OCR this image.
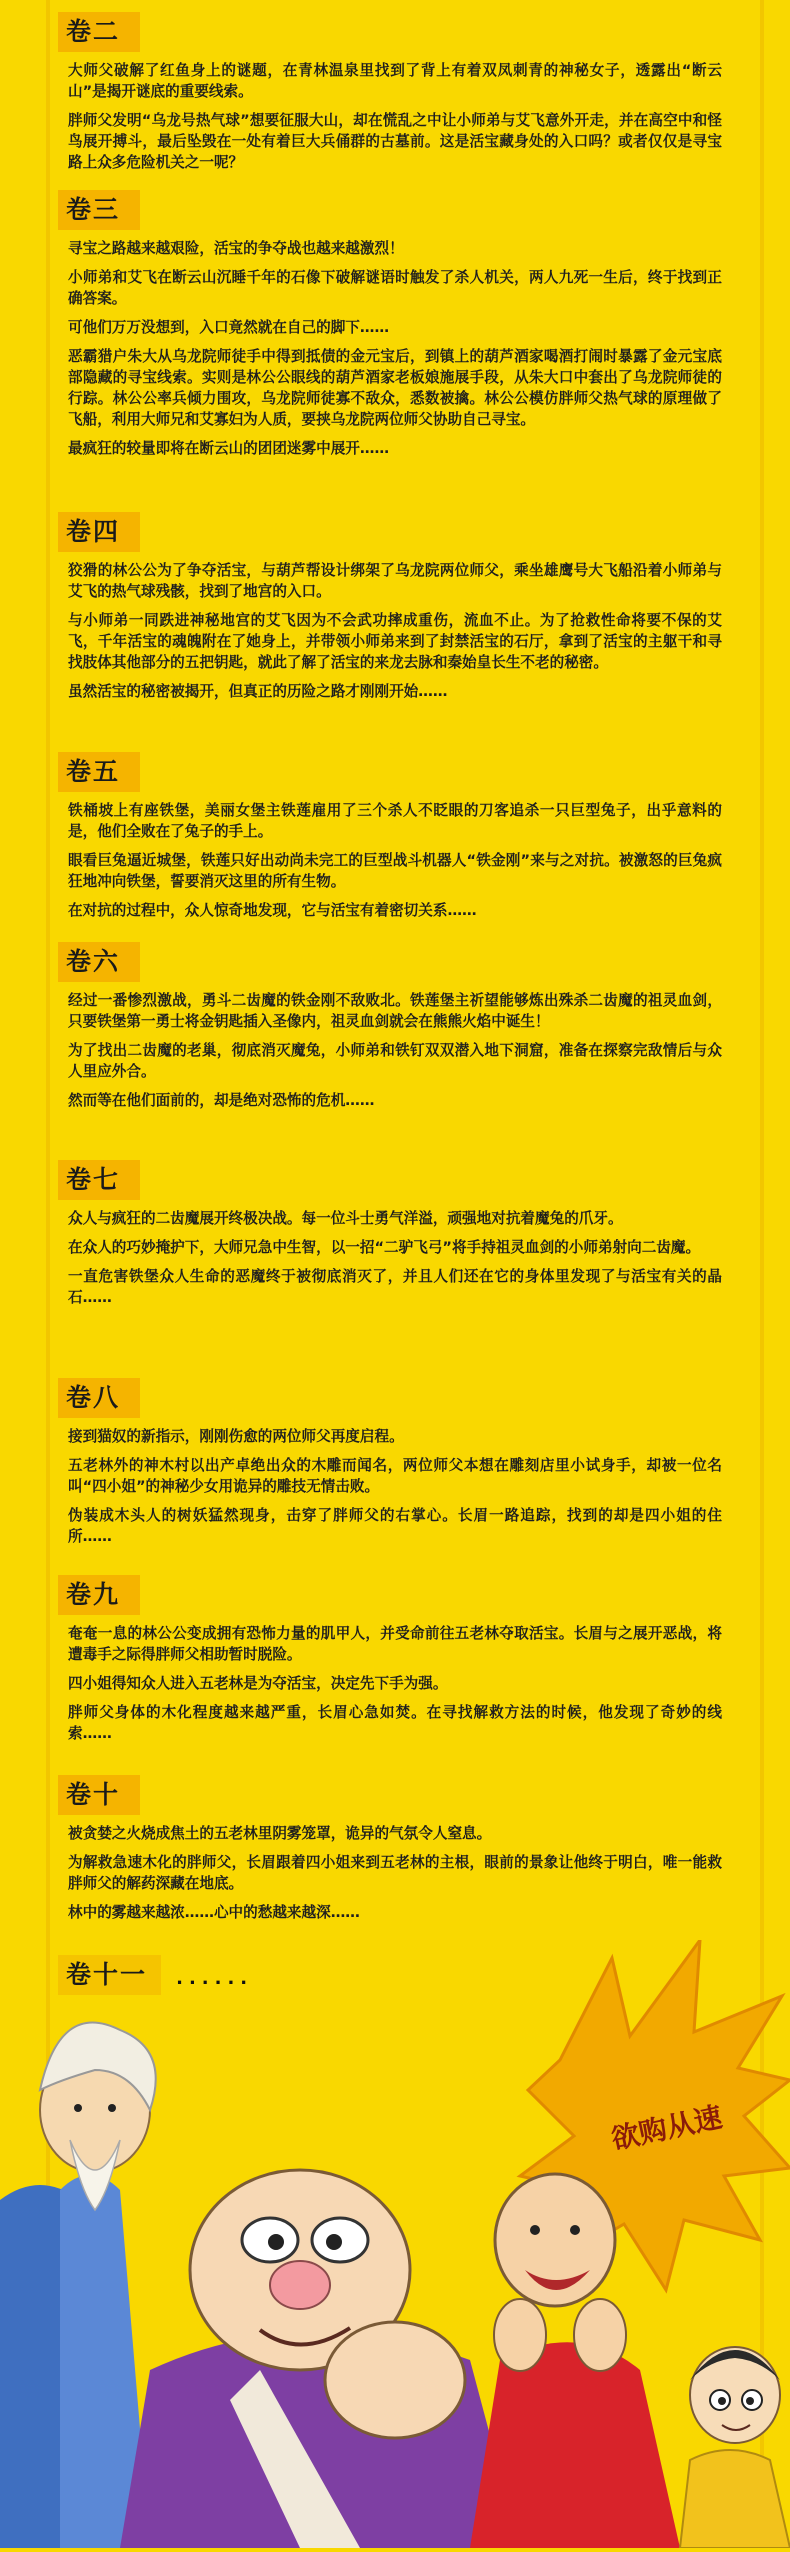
卷二
大师父破解了红鱼身上的谜题，在青林温泉里找到了背上有着双凤刺青的神秘女子，透露出“断云山”是揭开谜底的重要线索。
胖师父发明“乌龙号热气球”想要征服大山，却在慌乱之中让小师弟与艾飞意外开走，并在高空中和怪鸟展开搏斗，最后坠毁在一处有着巨大兵俑群的古墓前。这是活宝藏身处的入口吗？或者仅仅是寻宝路上众多危险机关之一呢？
卷三
寻宝之路越来越艰险，活宝的争夺战也越来越激烈！
小师弟和艾飞在断云山沉睡千年的石像下破解谜语时触发了杀人机关，两人九死一生后，终于找到正确答案。
可他们万万没想到，入口竟然就在自己的脚下……
恶霸猎户朱大从乌龙院师徒手中得到抵债的金元宝后，到镇上的葫芦酒家喝酒打闹时暴露了金元宝底部隐藏的寻宝线索。实则是林公公眼线的葫芦酒家老板娘施展手段，从朱大口中套出了乌龙院师徒的行踪。林公公率兵倾力围攻，乌龙院师徒寡不敌众，悉数被擒。林公公模仿胖师父热气球的原理做了飞船，利用大师兄和艾寡妇为人质，要挟乌龙院两位师父协助自己寻宝。
最疯狂的较量即将在断云山的团团迷雾中展开……
卷四
狡猾的林公公为了争夺活宝，与葫芦帮设计绑架了乌龙院两位师父，乘坐雄鹰号大飞船沿着小师弟与艾飞的热气球残骸，找到了地宫的入口。
与小师弟一同跌进神秘地宫的艾飞因为不会武功摔成重伤，流血不止。为了抢救性命将要不保的艾飞，千年活宝的魂魄附在了她身上，并带领小师弟来到了封禁活宝的石厅，拿到了活宝的主躯干和寻找肢体其他部分的五把钥匙，就此了解了活宝的来龙去脉和秦始皇长生不老的秘密。
虽然活宝的秘密被揭开，但真正的历险之路才刚刚开始……
卷五
铁桶坡上有座铁堡，美丽女堡主铁莲雇用了三个杀人不眨眼的刀客追杀一只巨型兔子，出乎意料的是，他们全败在了兔子的手上。
眼看巨兔逼近城堡，铁莲只好出动尚未完工的巨型战斗机器人“铁金刚”来与之对抗。被激怒的巨兔疯狂地冲向铁堡，誓要消灭这里的所有生物。
在对抗的过程中，众人惊奇地发现，它与活宝有着密切关系……
卷六
经过一番惨烈激战，勇斗二齿魔的铁金刚不敌败北。铁莲堡主祈望能够炼出殊杀二齿魔的祖灵血剑，只要铁堡第一勇士将金钥匙插入圣像内，祖灵血剑就会在熊熊火焰中诞生！
为了找出二齿魔的老巢，彻底消灭魔兔，小师弟和铁钉双双潜入地下洞窟，准备在探察完敌情后与众人里应外合。
然而等在他们面前的，却是绝对恐怖的危机……
卷七
众人与疯狂的二齿魔展开终极决战。每一位斗士勇气洋溢，顽强地对抗着魔兔的爪牙。
在众人的巧妙掩护下，大师兄急中生智，以一招“二驴飞弓”将手持祖灵血剑的小师弟射向二齿魔。
一直危害铁堡众人生命的恶魔终于被彻底消灭了，并且人们还在它的身体里发现了与活宝有关的晶石……
卷八
接到猫奴的新指示，刚刚伤愈的两位师父再度启程。
五老林外的神木村以出产卓绝出众的木雕而闻名，两位师父本想在雕刻店里小试身手，却被一位名叫“四小姐”的神秘少女用诡异的雕技无情击败。
伪装成木头人的树妖猛然现身，击穿了胖师父的右掌心。长眉一路追踪，找到的却是四小姐的住所……
卷九
奄奄一息的林公公变成拥有恐怖力量的肌甲人，并受命前往五老林夺取活宝。长眉与之展开恶战，将遭毒手之际得胖师父相助暂时脱险。
四小姐得知众人进入五老林是为夺活宝，决定先下手为强。
胖师父身体的木化程度越来越严重，长眉心急如焚。在寻找解救方法的时候，他发现了奇妙的线索……
卷十
被贪婪之火烧成焦土的五老林里阴雾笼罩，诡异的气氛令人窒息。
为解救急速木化的胖师父，长眉跟着四小姐来到五老林的主根，眼前的景象让他终于明白，唯一能救胖师父的解药深藏在地底。
林中的雾越来越浓……心中的愁越来越深……
卷十一 ......
欲购从速
